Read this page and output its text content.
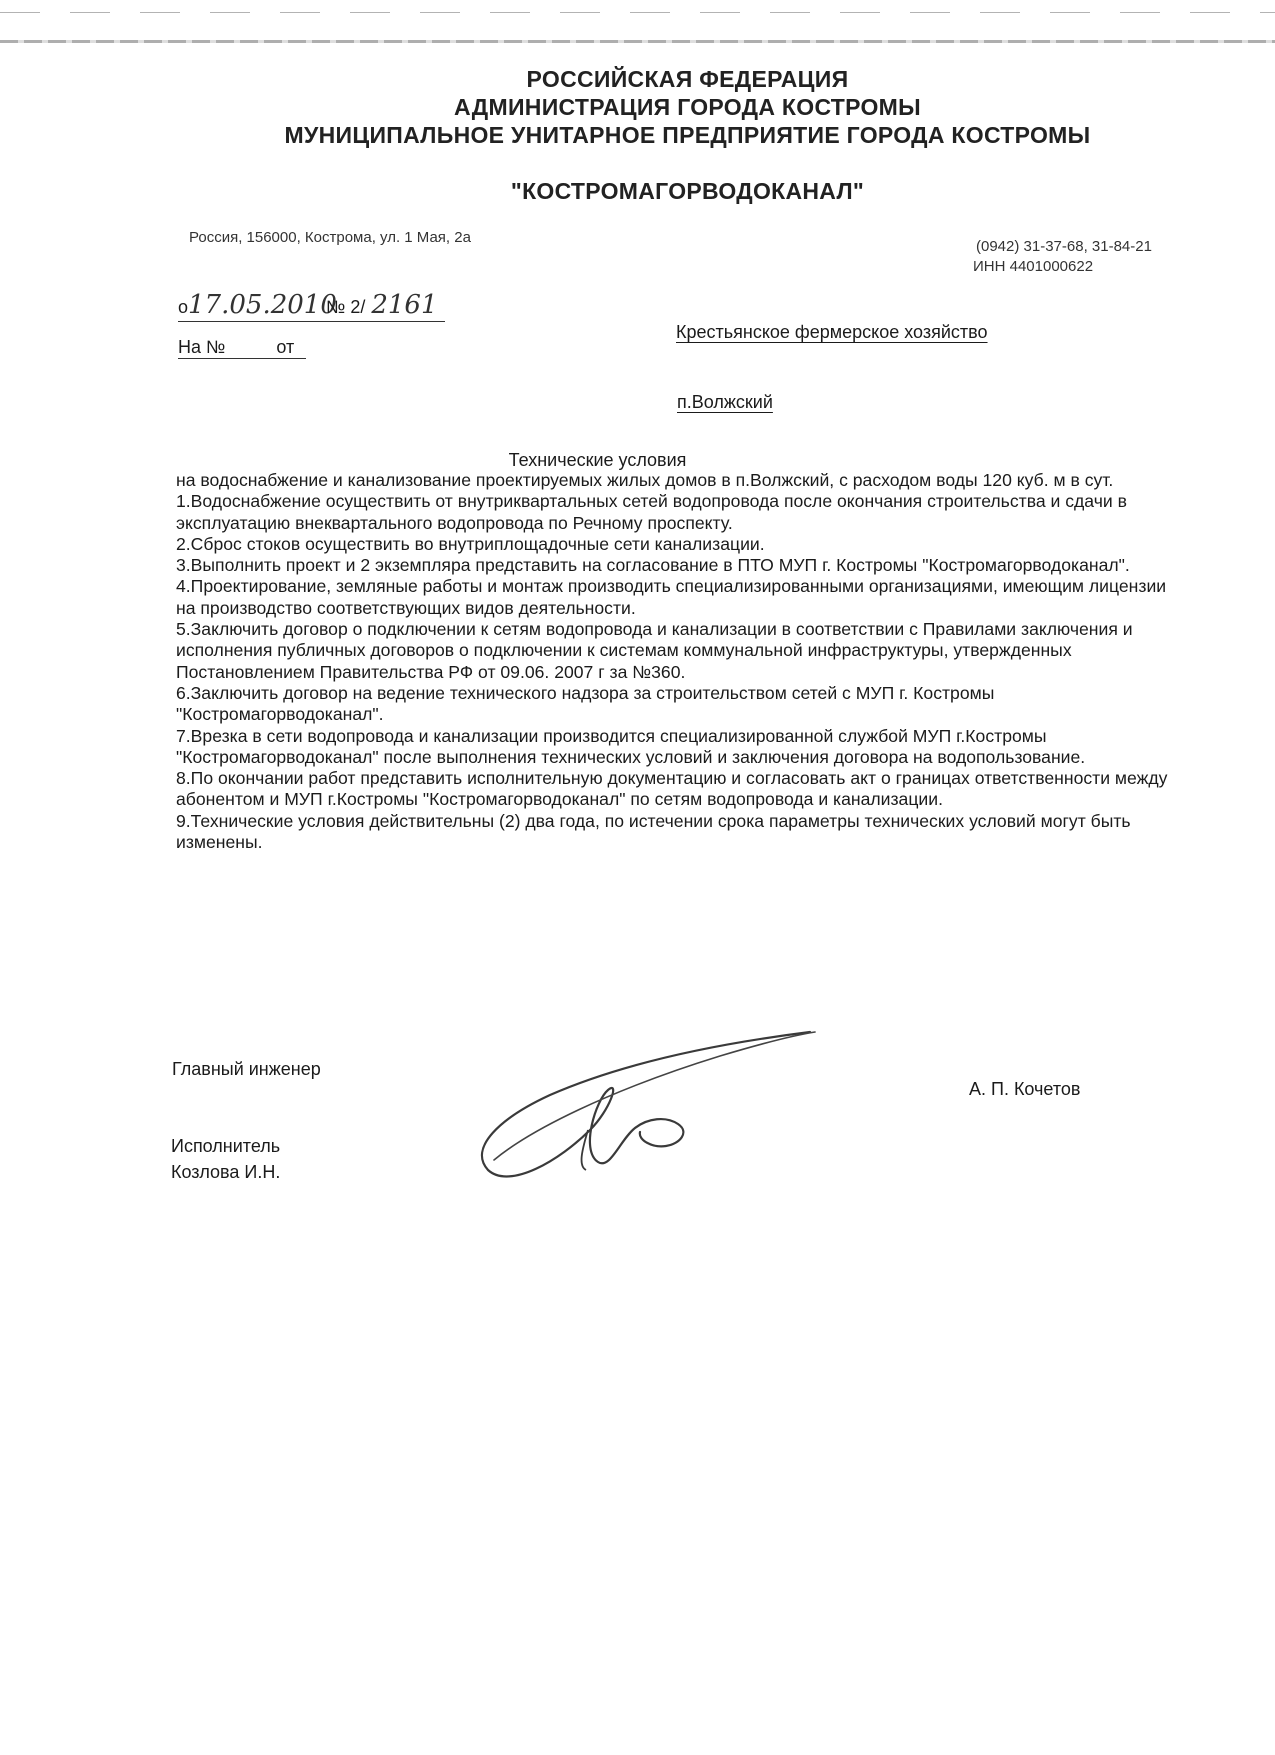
РОССИЙСКАЯ ФЕДЕРАЦИЯ
АДМИНИСТРАЦИЯ ГОРОДА КОСТРОМЫ
МУНИЦИПАЛЬНОЕ УНИТАРНОЕ ПРЕДПРИЯТИЕ ГОРОДА КОСТРОМЫ
"КОСТРОМАГОРВОДОКАНАЛ"
Россия, 156000, Кострома, ул. 1 Мая, 2а
(0942) 31-37-68, 31-84-21
ИНН 4401000622
о 17.05.2010
№ 2/ 2161
На №	от
Крестьянское фермерское хозяйство
п.Волжский
Технические условия

на водоснабжение и канализование проектируемых жилых домов в п.Волжский, с расходом воды 120 куб. м в сут.

1.Водоснабжение осуществить от внутриквартальных сетей водопровода после окончания строительства и сдачи в эксплуатацию внеквартального водопровода по Речному проспекту.

2.Сброс стоков осуществить во внутриплощадочные сети канализации.

3.Выполнить проект и 2 экземпляра представить на согласование в ПТО МУП г. Костромы "Костромагорводоканал".

4.Проектирование, земляные работы и монтаж производить специализированными организациями, имеющим лицензии на производство соответствующих видов деятельности.

5.Заключить договор о подключении к сетям водопровода и канализации в соответствии с Правилами заключения и исполнения публичных договоров о подключении к системам коммунальной инфраструктуры, утвержденных Постановлением Правительства РФ от 09.06. 2007 г за №360.

6.Заключить договор на ведение технического надзора за строительством сетей с МУП г. Костромы "Костромагорводоканал".

7.Врезка в сети водопровода и канализации производится специализированной службой МУП г.Костромы "Костромагорводоканал" после выполнения технических условий и заключения договора на водопользование.

8.По окончании работ представить исполнительную документацию и согласовать акт о границах ответственности между абонентом и МУП г.Костромы "Костромагорводоканал" по сетям водопровода и канализации.

9.Технические условия действительны (2) два года, по истечении срока параметры технических условий могут быть изменены.

Главный инженер
А. П. Кочетов
Исполнитель
Козлова И.Н.
